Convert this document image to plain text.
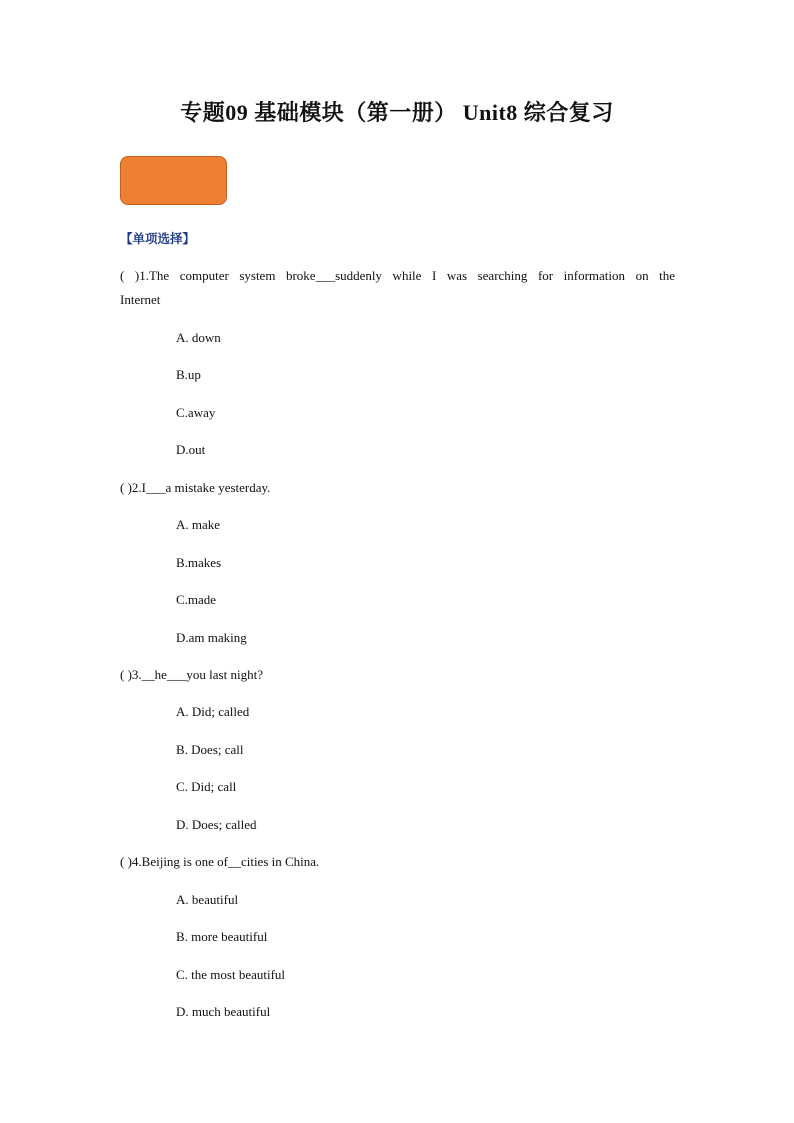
专题09 基础模块（第一册） Unit8 综合复习
【单项选择】
( )1.The computer system broke___suddenly while I was searching for information on the
Internet
A. down
B.up
C.away
D.out
( )2.I___a mistake yesterday.
A. make
B.makes
C.made
D.am making
( )3.__he___you last night?
A. Did; called
B. Does; call
C. Did; call
D. Does; called
( )4.Beijing is one of__cities in China.
A. beautiful
B. more beautiful
C. the most beautiful
D. much beautiful
